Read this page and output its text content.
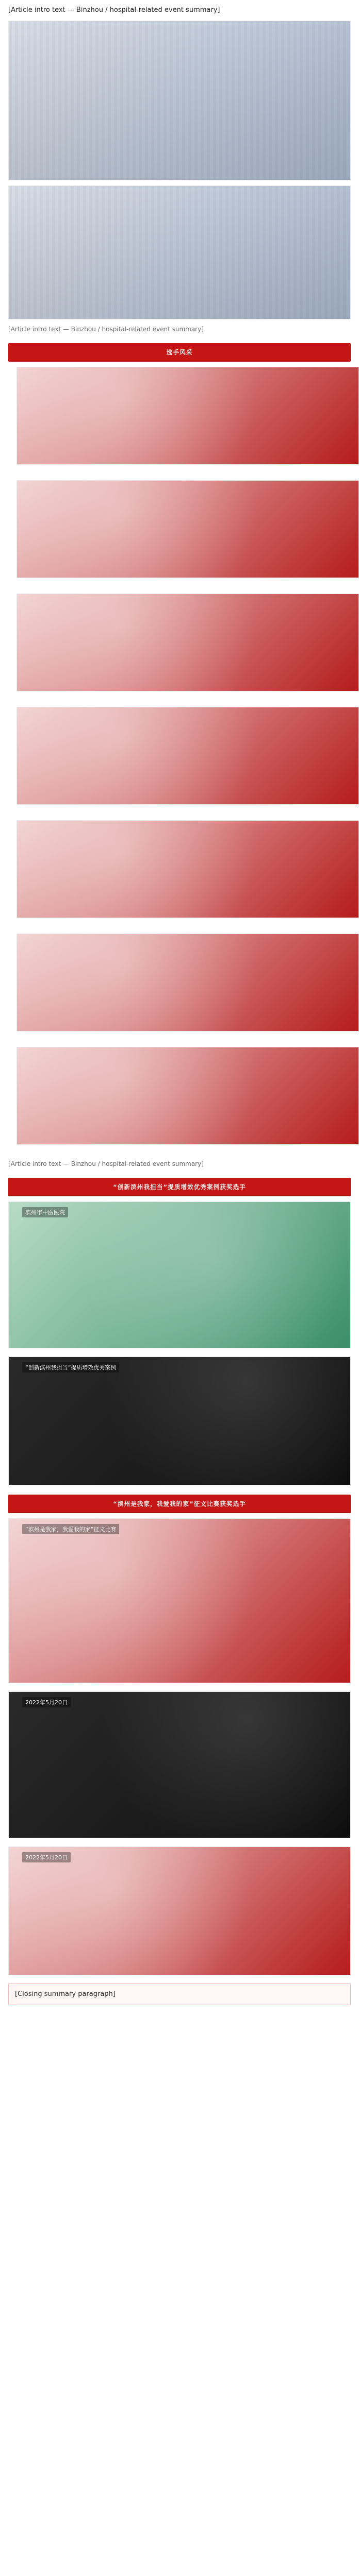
[Article intro text — Binzhou / hospital-related event summary]
[Article intro text — Binzhou / hospital-related event summary]
选手风采
[Article intro text — Binzhou / hospital-related event summary]
“创新滨州我担当”提质增效优秀案例获奖选手
滨州市中医医院
“创新滨州我担当”提质增效优秀案例
“滨州是我家，我爱我的家”征文比赛获奖选手
“滨州是我家，我爱我的家”征文比赛
2022年5月20日
2022年5月20日
[Closing summary paragraph]
